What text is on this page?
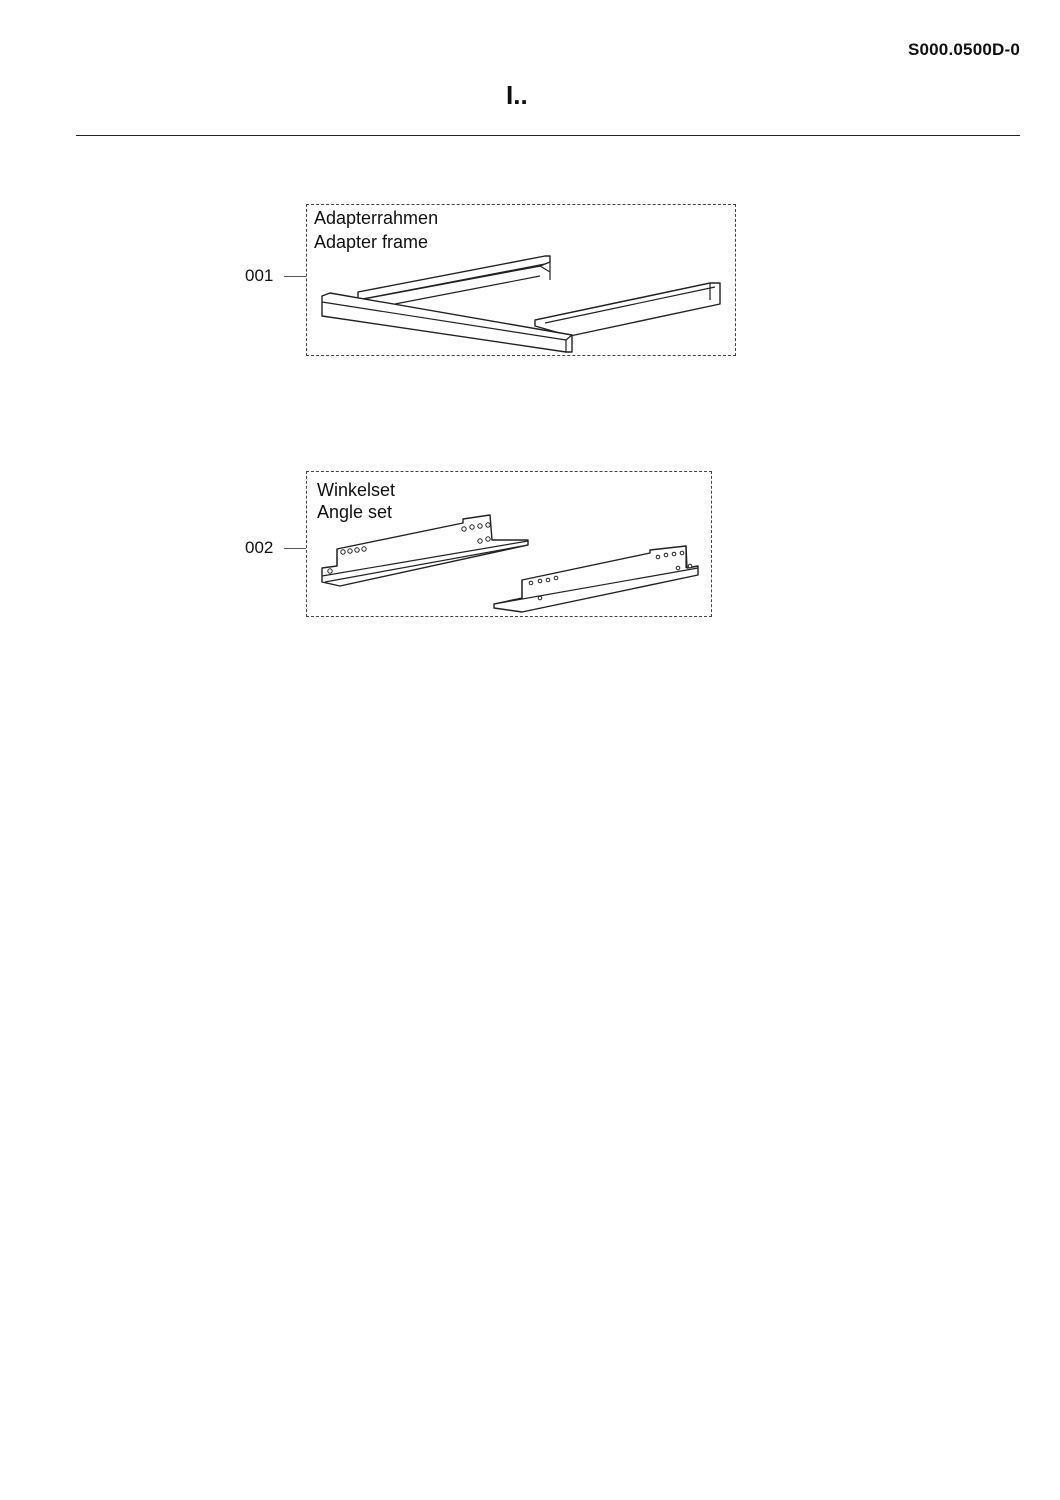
S000.0500D-0
I..
001
Adapterrahmen
Adapter frame
002
Winkelset
Angle set
